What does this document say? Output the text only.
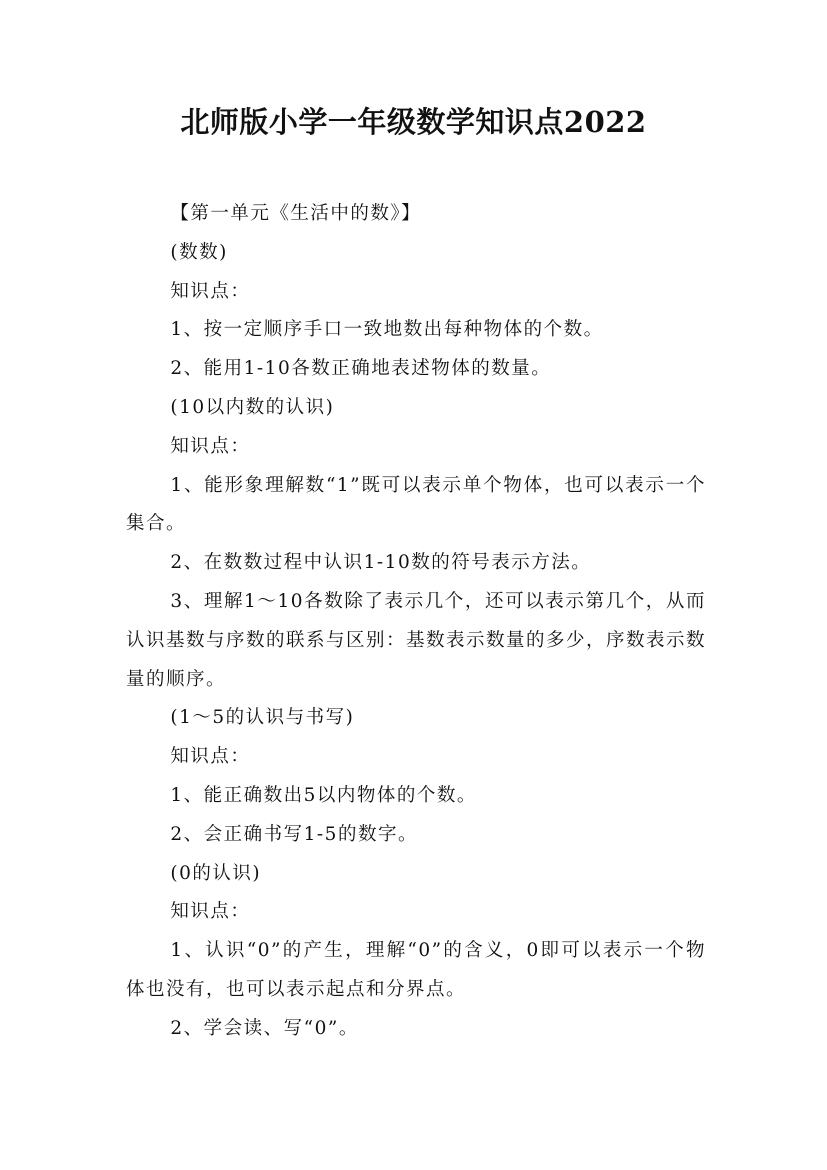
北师版小学一年级数学知识点2022

【第一单元《生活中的数》】

(数数)

知识点：

1、按一定顺序手口一致地数出每种物体的个数。

2、能用1-10各数正确地表述物体的数量。

(10以内数的认识)

知识点：

1、能形象理解数“1”既可以表示单个物体，也可以表示一个集合。

2、在数数过程中认识1-10数的符号表示方法。

3、理解1～10各数除了表示几个，还可以表示第几个，从而认识基数与序数的联系与区别：基数表示数量的多少，序数表示数量的顺序。

(1～5的认识与书写)

知识点：

1、能正确数出5以内物体的个数。

2、会正确书写1-5的数字。

(0的认识)

知识点：

1、认识“0”的产生，理解“0”的含义，0即可以表示一个物体也没有，也可以表示起点和分界点。

2、学会读、写“0”。
